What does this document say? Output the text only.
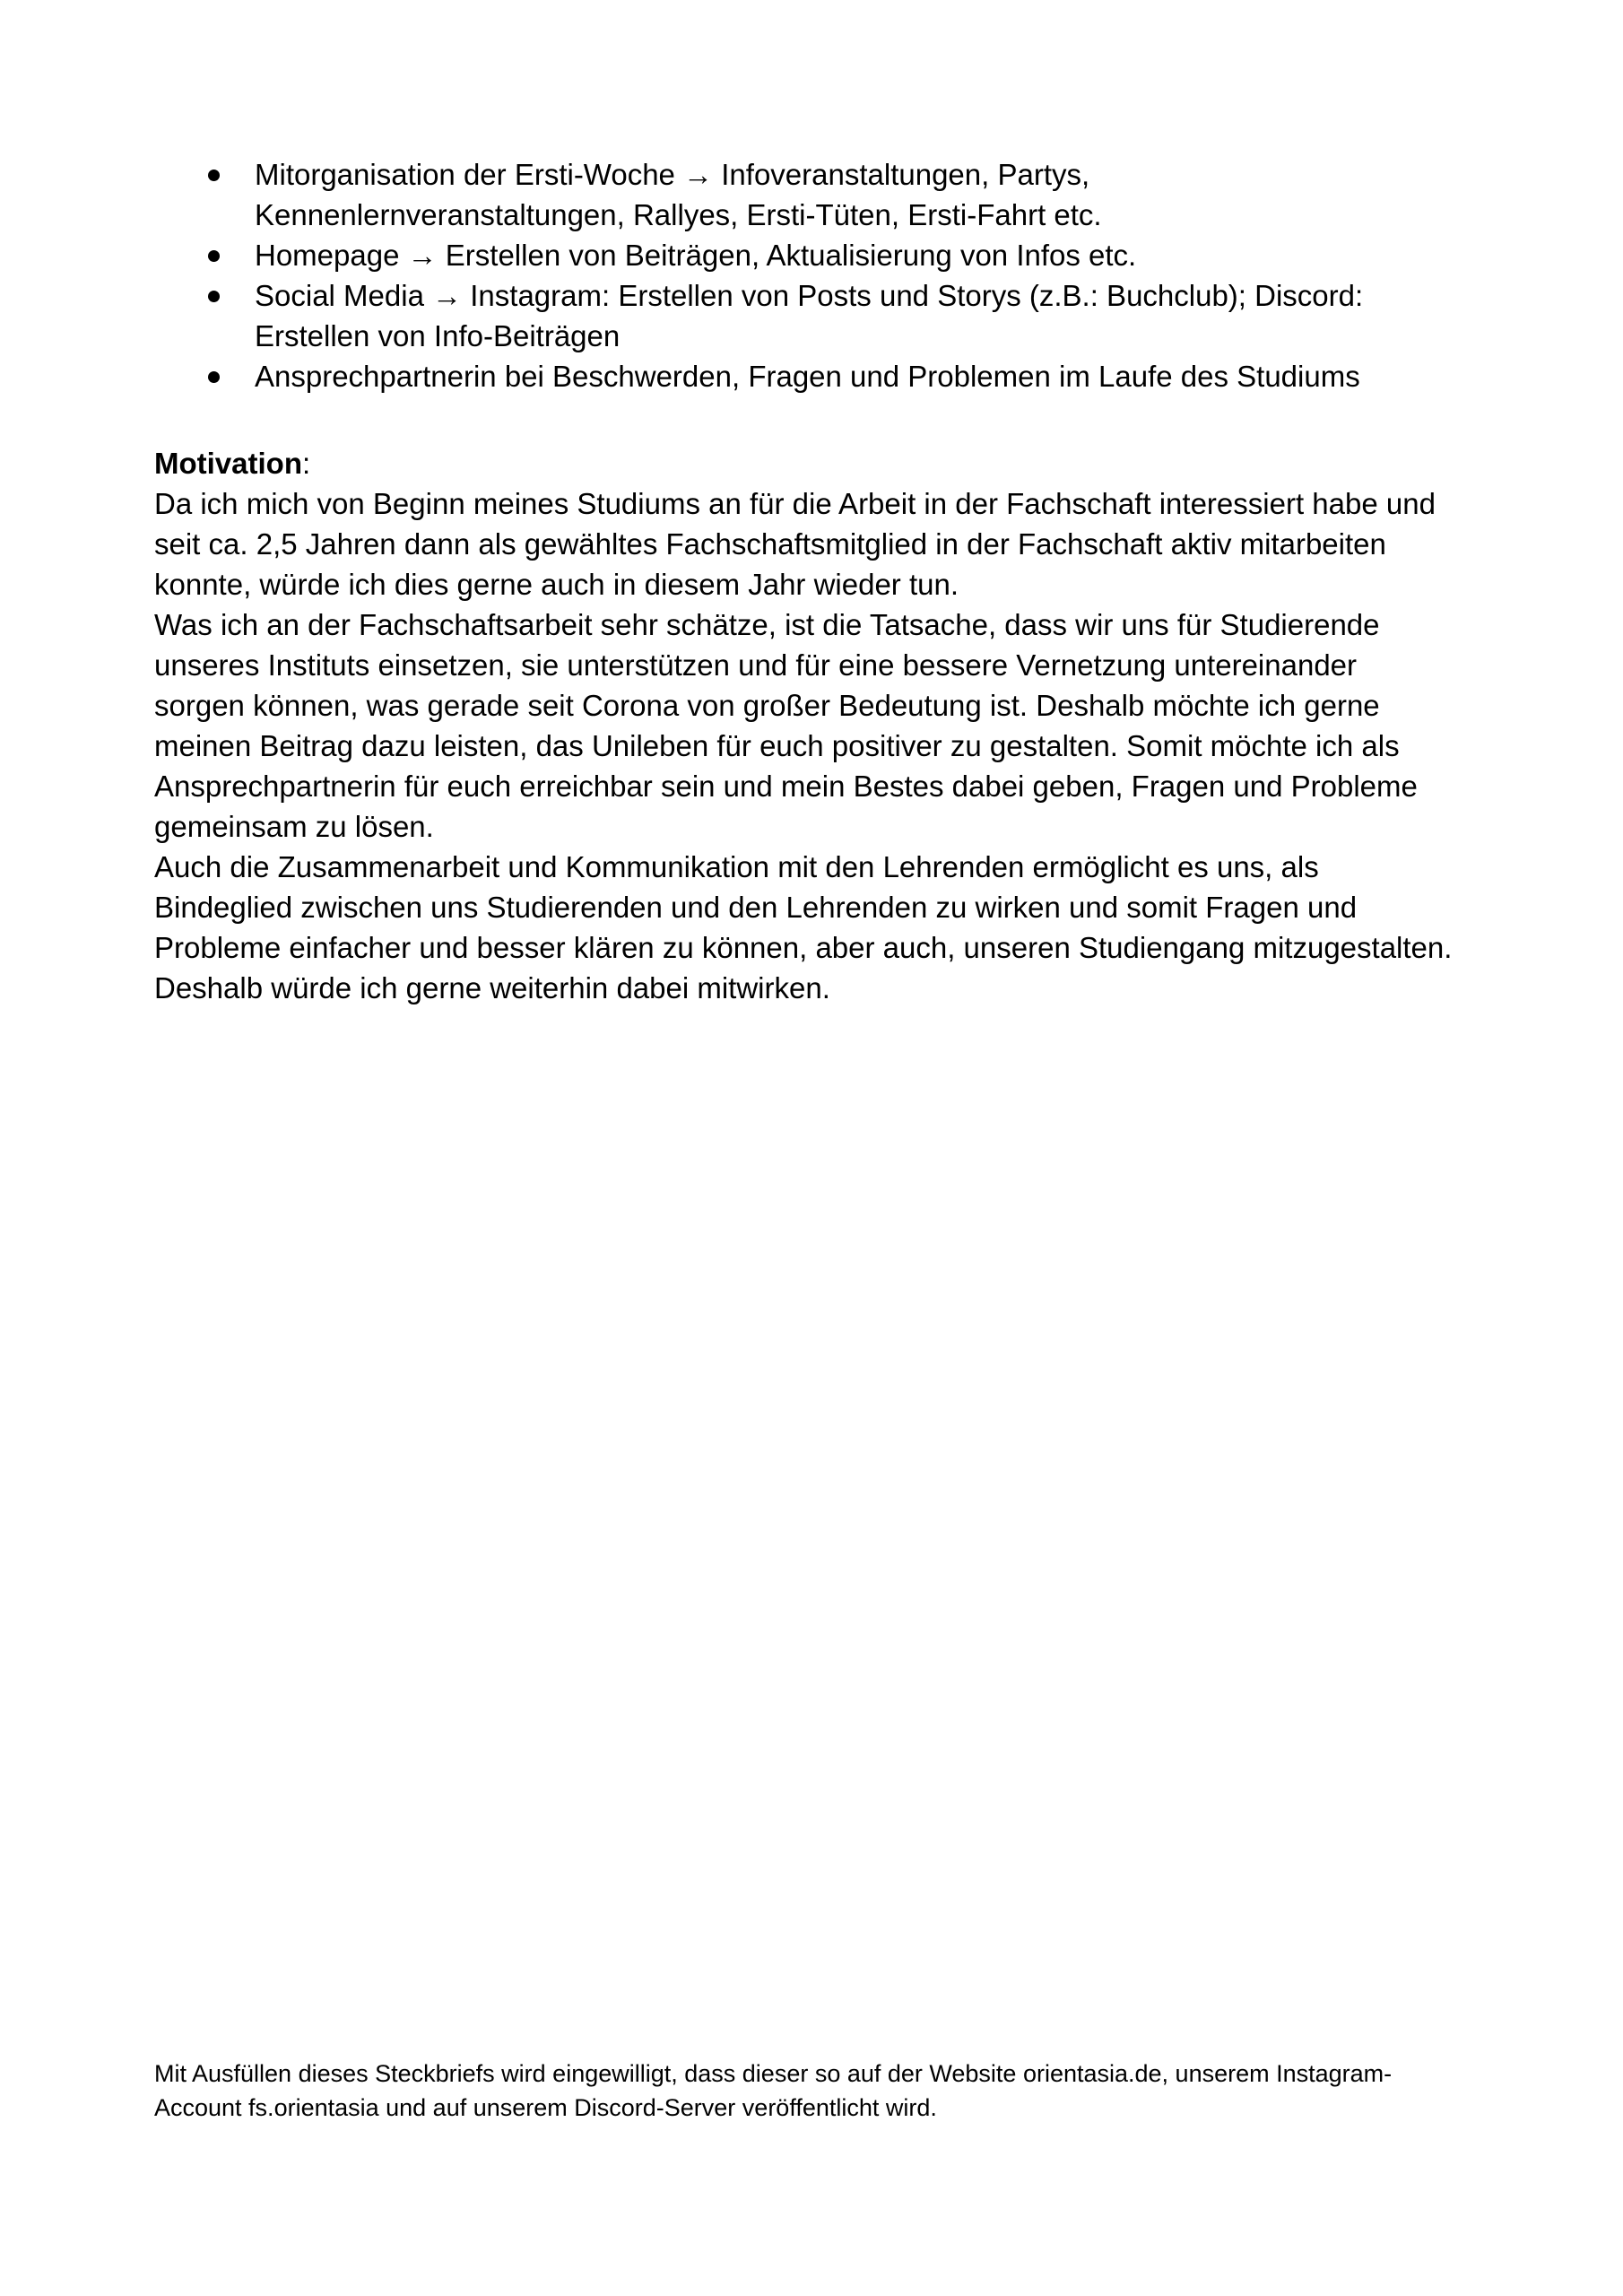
Mitorganisation der Ersti-Woche → Infoveranstaltungen, Partys,
Kennenlernveranstaltungen, Rallyes, Ersti-Tüten, Ersti-Fahrt etc.
Homepage → Erstellen von Beiträgen, Aktualisierung von Infos etc.
Social Media → Instagram: Erstellen von Posts und Storys (z.B.: Buchclub); Discord:
Erstellen von Info-Beiträgen
Ansprechpartnerin bei Beschwerden, Fragen und Problemen im Laufe des Studiums

Motivation:

Da ich mich von Beginn meines Studiums an für die Arbeit in der Fachschaft interessiert habe und
seit ca. 2,5 Jahren dann als gewähltes Fachschaftsmitglied in der Fachschaft aktiv mitarbeiten
konnte, würde ich dies gerne auch in diesem Jahr wieder tun.

Was ich an der Fachschaftsarbeit sehr schätze, ist die Tatsache, dass wir uns für Studierende
unseres Instituts einsetzen, sie unterstützen und für eine bessere Vernetzung untereinander
sorgen können, was gerade seit Corona von großer Bedeutung ist. Deshalb möchte ich gerne
meinen Beitrag dazu leisten, das Unileben für euch positiver zu gestalten. Somit möchte ich als
Ansprechpartnerin für euch erreichbar sein und mein Bestes dabei geben, Fragen und Probleme
gemeinsam zu lösen.

Auch die Zusammenarbeit und Kommunikation mit den Lehrenden ermöglicht es uns, als
Bindeglied zwischen uns Studierenden und den Lehrenden zu wirken und somit Fragen und
Probleme einfacher und besser klären zu können, aber auch, unseren Studiengang mitzugestalten.
Deshalb würde ich gerne weiterhin dabei mitwirken.

Mit Ausfüllen dieses Steckbriefs wird eingewilligt, dass dieser so auf der Website orientasia.de, unserem Instagram-
Account fs.orientasia und auf unserem Discord-Server veröffentlicht wird.
